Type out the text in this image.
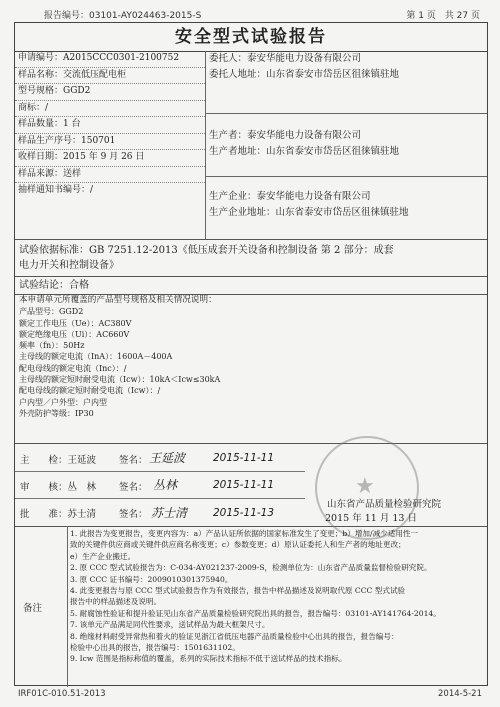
报告编号：03101-AY024463-2015-S	第 1 页　共 27 页
安全型式试验报告
申请编号：A2015CCC0301-2100752
样品名称：交流低压配电柜
型号规格：GGD2
商标：/
样品数量：1 台
样品生产序号：150701
收样日期：2015 年 9 月 26 日
样品来源：送样
抽样通知书编号：/
委托人：泰安华能电力设备有限公司
委托人地址：山东省泰安市岱岳区徂徕镇驻地
生产者：泰安华能电力设备有限公司
生产者地址：山东省泰安市岱岳区徂徕镇驻地
生产企业：泰安华能电力设备有限公司
生产企业地址：山东省泰安市岱岳区徂徕镇驻地
试验依据标准：GB 7251.12-2013《低压成套开关设备和控制设备 第 2 部分：成套
电力开关和控制设备》
试验结论：合格
本申请单元所覆盖的产品型号规格及相关情况说明：
产品型号：GGD2
额定工作电压（Ue）：AC380V
额定绝缘电压（Ui）：AC660V
频率（fn）：50Hz
主母线的额定电流（InA）：1600A－400A
配电母线的额定电流（Inc）：/
主母线的额定短时耐受电流（Icw）：10kA＜Icw≤30kA
配电母线的额定短时耐受电流（Icw）：/
户内型／户外型：户内型
外壳防护等级：IP30
主　　检：王延波 签名： 王延波	2015-11-11
审　　核：丛　林 签名： 丛林	2015-11-11
批　　准：苏士清 签名： 苏士清 2015-11-13
★
山东省产品质量检验研究院
2015 年 11 月 13 日
备注
1. 此报告为变更报告，变更内容为：a）产品认证所依据的国家标准发生了变更；b）增加/减少适用性一
致的关键件供应商或关键件供应商名称变更；c）参数变更；d）原认证委托人和生产者的地址更改；
e）生产企业搬迁。
2. 原 CCC 型式试验报告为：C-034-AY021237-2009-S，检测单位为：山东省产品质量监督检验研究院。
3. 原 CCC 证书编号：2009010301375940。
4. 此变更报告与原 CCC 型式试验报告作为有效报告，报告中样品描述及说明取代原 CCC 型式试验
报告中的样品描述及说明。
5. 耐腐蚀性验证和提升验证见山东省产品质量检验研究院出具的报告，报告编号：03101-AY141764-2014。
7. 该单元产品满足同代性要求，送试样品为最大框架尺寸。
8. 绝缘材料耐受异常热和着火的验证见浙江省低压电器产品质量检验中心出具的报告，报告编号：
检验中心出具的报告，报告编号：1501631102。
9. Icw 范围是指标称值的覆盖，系列的实际技术指标不低于送试样品的技术指标。
IRF01C-010.51-2013	2014-5-21
